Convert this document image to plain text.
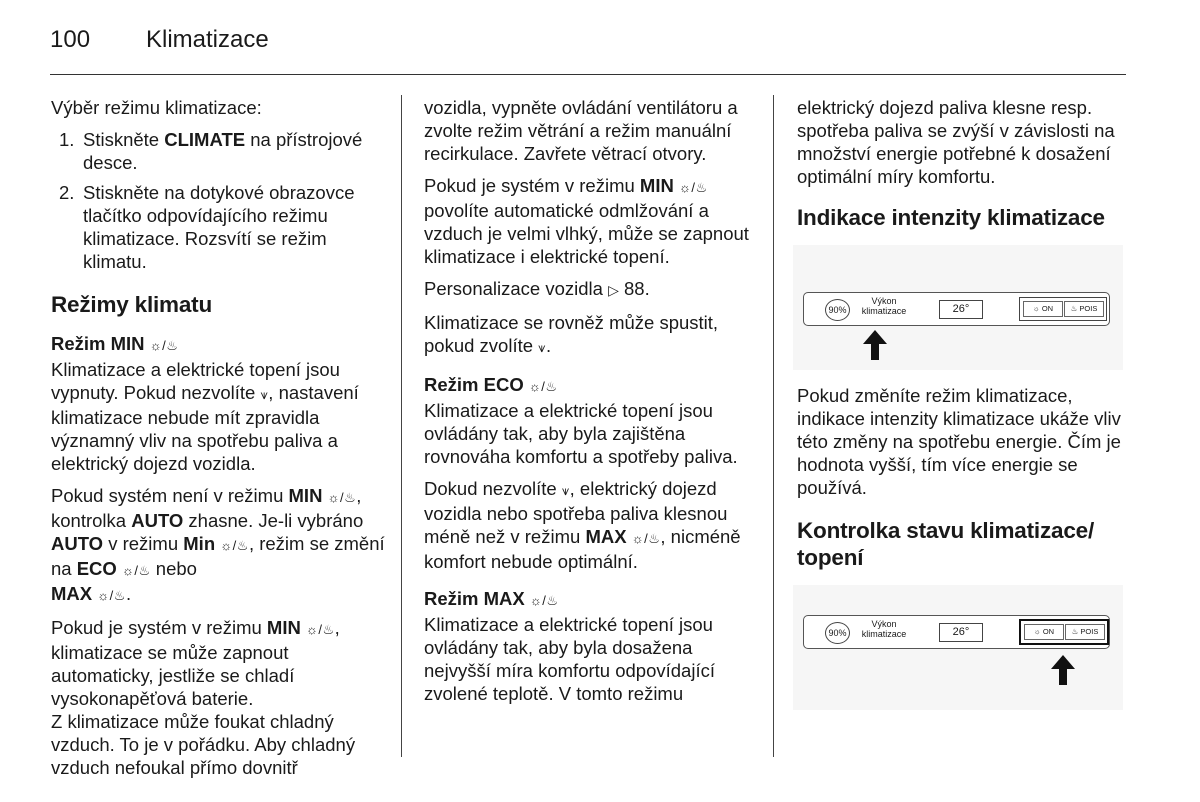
100 Klimatizace

Výběr režimu klimatizace:

1. Stiskněte CLIMATE na přístrojové desce.
2. Stiskněte na dotykové obrazovce tlačítko odpovídajícího režimu klimatizace. Rozsvítí se režim klimatu.
Režimy klimatu
Režim MIN ☼/♨

Klimatizace a elektrické topení jsou vypnuty. Pokud nezvolíte ⩛, nastavení klimatizace nebude mít zpravidla významný vliv na spotřebu paliva a elektrický dojezd vozidla.

Pokud systém není v režimu MIN ☼/♨, kontrolka AUTO zhasne. Je-li vybráno AUTO v režimu Min ☼/♨, režim se změní na ECO ☼/♨ nebo
MAX ☼/♨.

Pokud je systém v režimu MIN ☼/♨, klimatizace se může zapnout automaticky, jestliže se chladí vysokonapěťová baterie.

Z klimatizace může foukat chladný vzduch. To je v pořádku. Aby chladný vzduch nefoukal přímo dovnitř

vozidla, vypněte ovládání ventilátoru a zvolte režim větrání a režim manuální recirkulace. Zavřete větrací otvory.

Pokud je systém v režimu MIN ☼/♨ povolíte automatické odmlžování a vzduch je velmi vlhký, může se zapnout klimatizace i elektrické topení.

Personalizace vozidla ▷ 88.

Klimatizace se rovněž může spustit, pokud zvolíte ⩛.

Režim ECO ☼/♨

Klimatizace a elektrické topení jsou ovládány tak, aby byla zajištěna rovnováha komfortu a spotřeby paliva.

Dokud nezvolíte ⩛, elektrický dojezd vozidla nebo spotřeba paliva klesnou méně než v režimu MAX ☼/♨, nicméně komfort nebude optimální.

Režim MAX ☼/♨

Klimatizace a elektrické topení jsou ovládány tak, aby byla dosažena nejvyšší míra komfortu odpovídající zvolené teplotě. V tomto režimu

elektrický dojezd paliva klesne resp. spotřeba paliva se zvýší v závislosti na množství energie potřebné k dosažení optimální míry komfortu.

Indikace intenzity klimatizace
90%
Výkon
klimatizace	26°	☼ ON	♨ POIS

Pokud změníte režim klimatizace, indikace intenzity klimatizace ukáže vliv této změny na spotřebu energie. Čím je hodnota vyšší, tím více energie se používá.

Kontrolka stavu klimatizace/ topení
90%
Výkon
klimatizace	26°	☼ ON	♨ POIS
